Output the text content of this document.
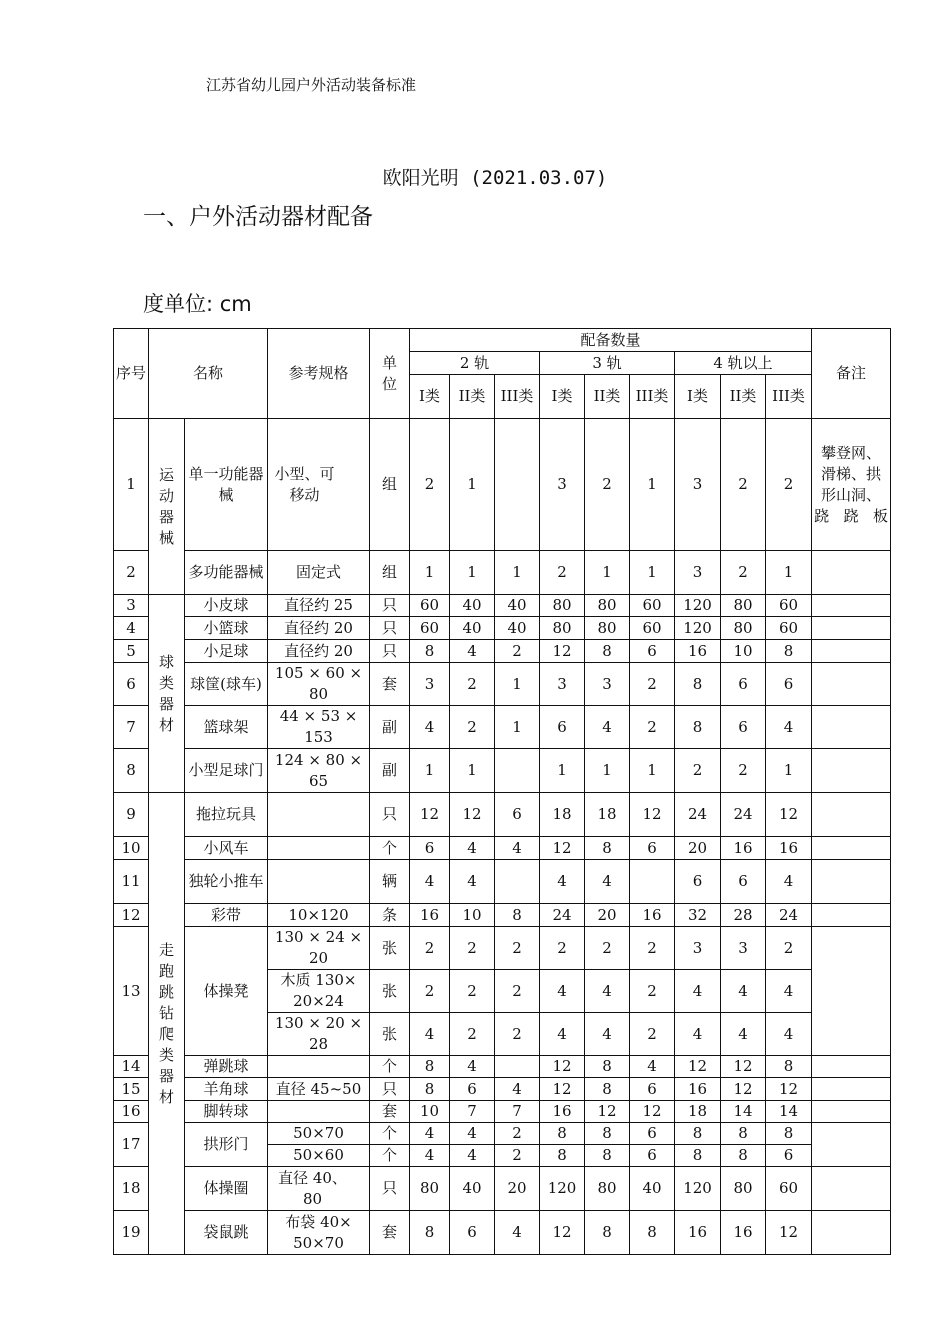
江苏省幼儿园户外活动装备标准
欧阳光明 (2021.03.07)
一、户外活动器材配备
度单位: cm
序号	名称		参考规格	单位	配备数量									备注
					2 轨			3 轨			4 轨以上			
					I类	II类	III类	I类	II类	III类	I类	II类	III类	
1	运动器械	单一功能器械	小型、可移动	组	2	1		3	2	1	3	2	2	攀登网、滑梯、拱形山洞、跷跷板
2		多功能器械	固定式	组	1	1	1	2	1	1	3	2	1	
3	球类器材	小皮球	直径约 25	只	60	40	40	80	80	60	120	80	60	
4		小篮球	直径约 20	只	60	40	40	80	80	60	120	80	60	
5		小足球	直径约 20	只	8	4	2	12	8	6	16	10	8	
6		球筐(球车)	105 × 60 × 80	套	3	2	1	3	3	2	8	6	6	
7		篮球架	44 × 53 × 153	副	4	2	1	6	4	2	8	6	4	
8		小型足球门	124 × 80 × 65	副	1	1		1	1	1	2	2	1	
9	走跑跳钻爬类器材	拖拉玩具		只	12	12	6	18	18	12	24	24	12	
10		小风车		个	6	4	4	12	8	6	20	16	16	
11		独轮小推车		辆	4	4		4	4		6	6	4	
12		彩带	10×120	条	16	10	8	24	20	16	32	28	24	
13		体操凳	130 × 24 × 20	张	2	2	2	2	2	2	3	3	2	
			木质 130× 20×24	张	2	2	2	4	4	2	4	4	4	
			130 × 20 × 28	张	4	2	2	4	4	2	4	4	4	
14		弹跳球		个	8	4		12	8	4	12	12	8	
15		羊角球	直径 45~50	只	8	6	4	12	8	6	16	12	12	
16		脚转球		套	10	7	7	16	12	12	18	14	14	
17		拱形门	50×70	个	4	4	2	8	8	6	8	8	8	
			50×60	个	4	4	2	8	8	6	8	8	6	
18		体操圈	直径 40、80	只	80	40	20	120	80	40	120	80	60	
19		袋鼠跳	布袋 40× 50×70	套	8	6	4	12	8	8	16	16	12	
